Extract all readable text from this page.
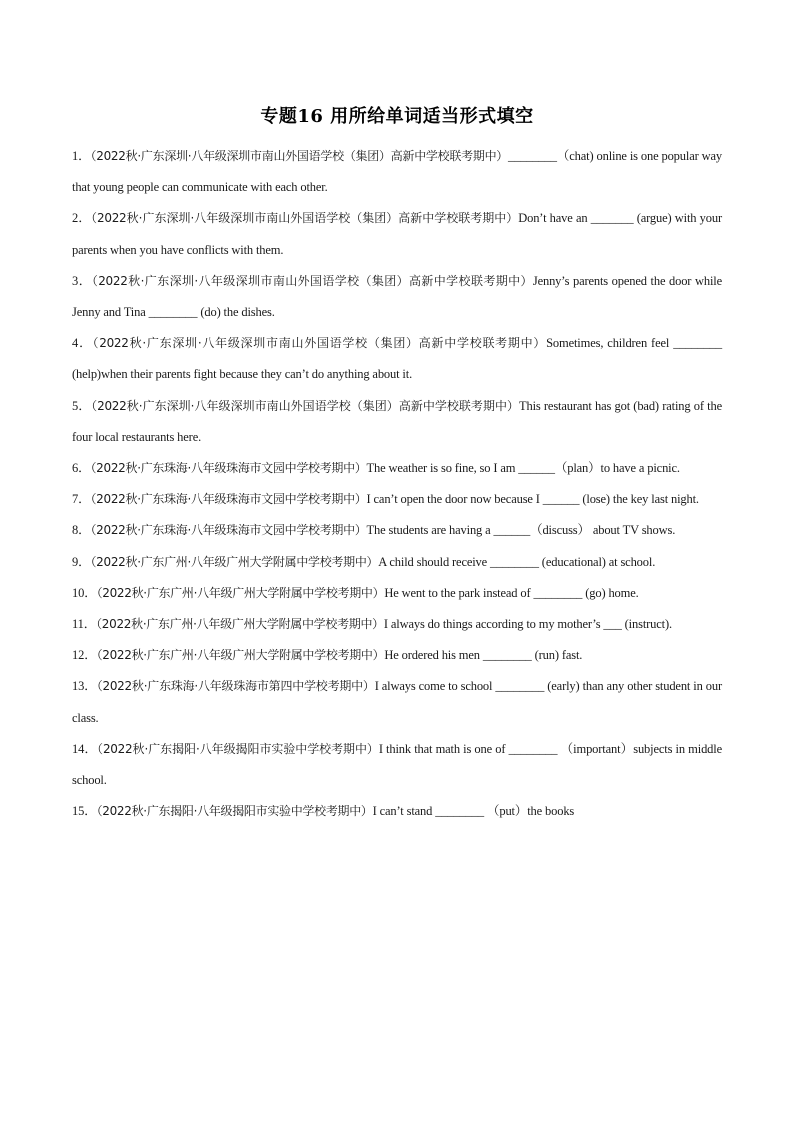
专题16 用所给单词适当形式填空
1．（2022秋·广东深圳·八年级深圳市南山外国语学校（集团）高新中学校联考期中）________（chat) online is one popular way that young people can communicate with each other.
2．（2022秋·广东深圳·八年级深圳市南山外国语学校（集团）高新中学校联考期中）Don’t have an _______ (argue) with your parents when you have conflicts with them.
3．（2022秋·广东深圳·八年级深圳市南山外国语学校（集团）高新中学校联考期中）Jenny’s parents opened the door while Jenny and Tina ________ (do) the dishes.
4．（2022秋·广东深圳·八年级深圳市南山外国语学校（集团）高新中学校联考期中）Sometimes, children feel ________ (help)when their parents fight because they can’t do anything about it.
5．（2022秋·广东深圳·八年级深圳市南山外国语学校（集团）高新中学校联考期中）This restaurant has got (bad) rating of the four local restaurants here.
6．（2022秋·广东珠海·八年级珠海市文园中学校考期中）The weather is so fine, so I am ______（plan）to have a picnic.
7．（2022秋·广东珠海·八年级珠海市文园中学校考期中）I can’t open the door now because I ______ (lose) the key last night.
8．（2022秋·广东珠海·八年级珠海市文园中学校考期中）The students are having a ______（discuss） about TV shows.
9．（2022秋·广东广州·八年级广州大学附属中学校考期中）A child should receive ________ (educational) at school.
10．（2022秋·广东广州·八年级广州大学附属中学校考期中）He went to the park instead of ________ (go) home.
11．（2022秋·广东广州·八年级广州大学附属中学校考期中）I always do things according to my mother’s ___ (instruct).
12．（2022秋·广东广州·八年级广州大学附属中学校考期中）He ordered his men ________ (run) fast.
13．（2022秋·广东珠海·八年级珠海市第四中学校考期中）I always come to school ________ (early) than any other student in our class.
14．（2022秋·广东揭阳·八年级揭阳市实验中学校考期中）I think that math is one of ________ （important）subjects in middle school.
15．（2022秋·广东揭阳·八年级揭阳市实验中学校考期中）I can’t stand ________ （put）the books
